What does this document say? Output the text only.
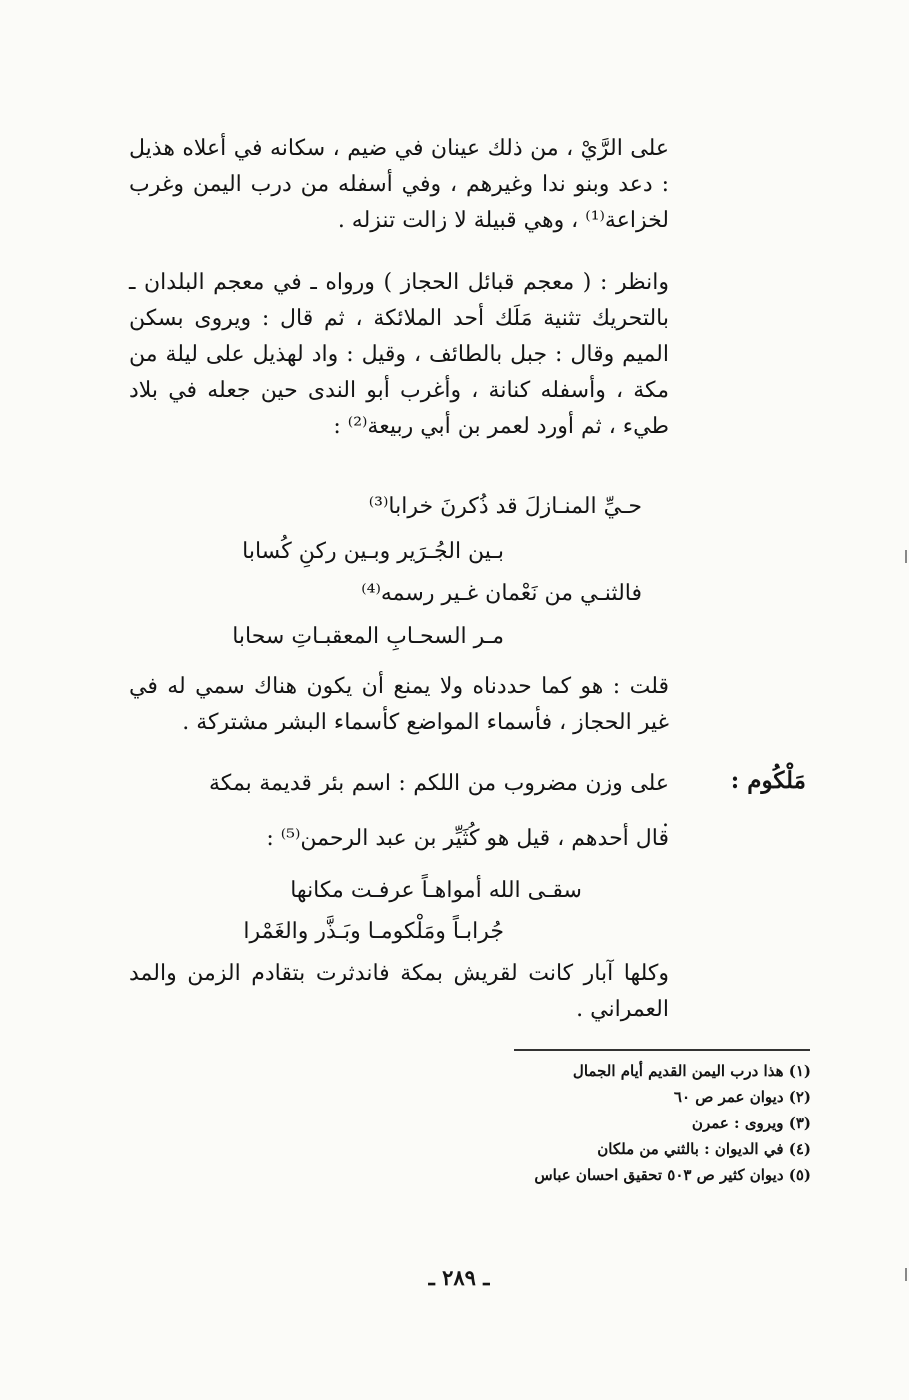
على الرَّيْ ، من ذلك عينان في ضيم ، سكانه في أعلاه هذيل : دعد وبنو ندا وغيرهم ، وفي أسفله من درب اليمن وغرب لخزاعة⁽¹⁾ ، وهي قبيلة لا زالت تنزله .

وانظر : ( معجم قبائل الحجاز ) ورواه ـ في معجم البلدان ـ بالتحريك تثنية مَلَك أحد الملائكة ، ثم قال : ويروى بسكن الميم وقال : جبل بالطائف ، وقيل : واد لهذيل على ليلة من مكة ، وأسفله كنانة ، وأغرب أبو الندى حين جعله في بلاد طيء ، ثم أورد لعمر بن أبي ربيعة⁽²⁾ :

حـيِّ المنـازلَ قد ذُكرنَ خرابا⁽³⁾

بـين الجُـرَير وبـين ركنِ كُسابا

فالثنـي من نَعْمان غـير رسمه⁽⁴⁾

مـر السحـابِ المعقبـاتِ سحابا

قلت : هو كما حددناه ولا يمنع أن يكون هناك سمي له في غير الحجاز ، فأسماء المواضع كأسماء البشر مشتركة .

مَلْكُوم :

على وزن مضروب من اللكم : اسم بئر قديمة بمكة .

قال أحدهم ، قيل هو كُثَيِّر بن عبد الرحمن⁽⁵⁾ :

سقـى الله أمواهـاً عرفـت مكانها

جُرابـاً ومَلْكومـا وبَـذَّر والغَمْرا

وكلها آبار كانت لقريش بمكة فاندثرت بتقادم الزمن والمد العمراني .

(١) هذا درب اليمن القديم أيام الجمال
(٢) ديوان عمر ص ٦٠
(٣) ويروى : عمرن
(٤) في الديوان : بالثني من ملكان
(٥) ديوان كثير ص ٥٠٣ تحقيق احسان عباس
ـ ٢٨٩ ـ
